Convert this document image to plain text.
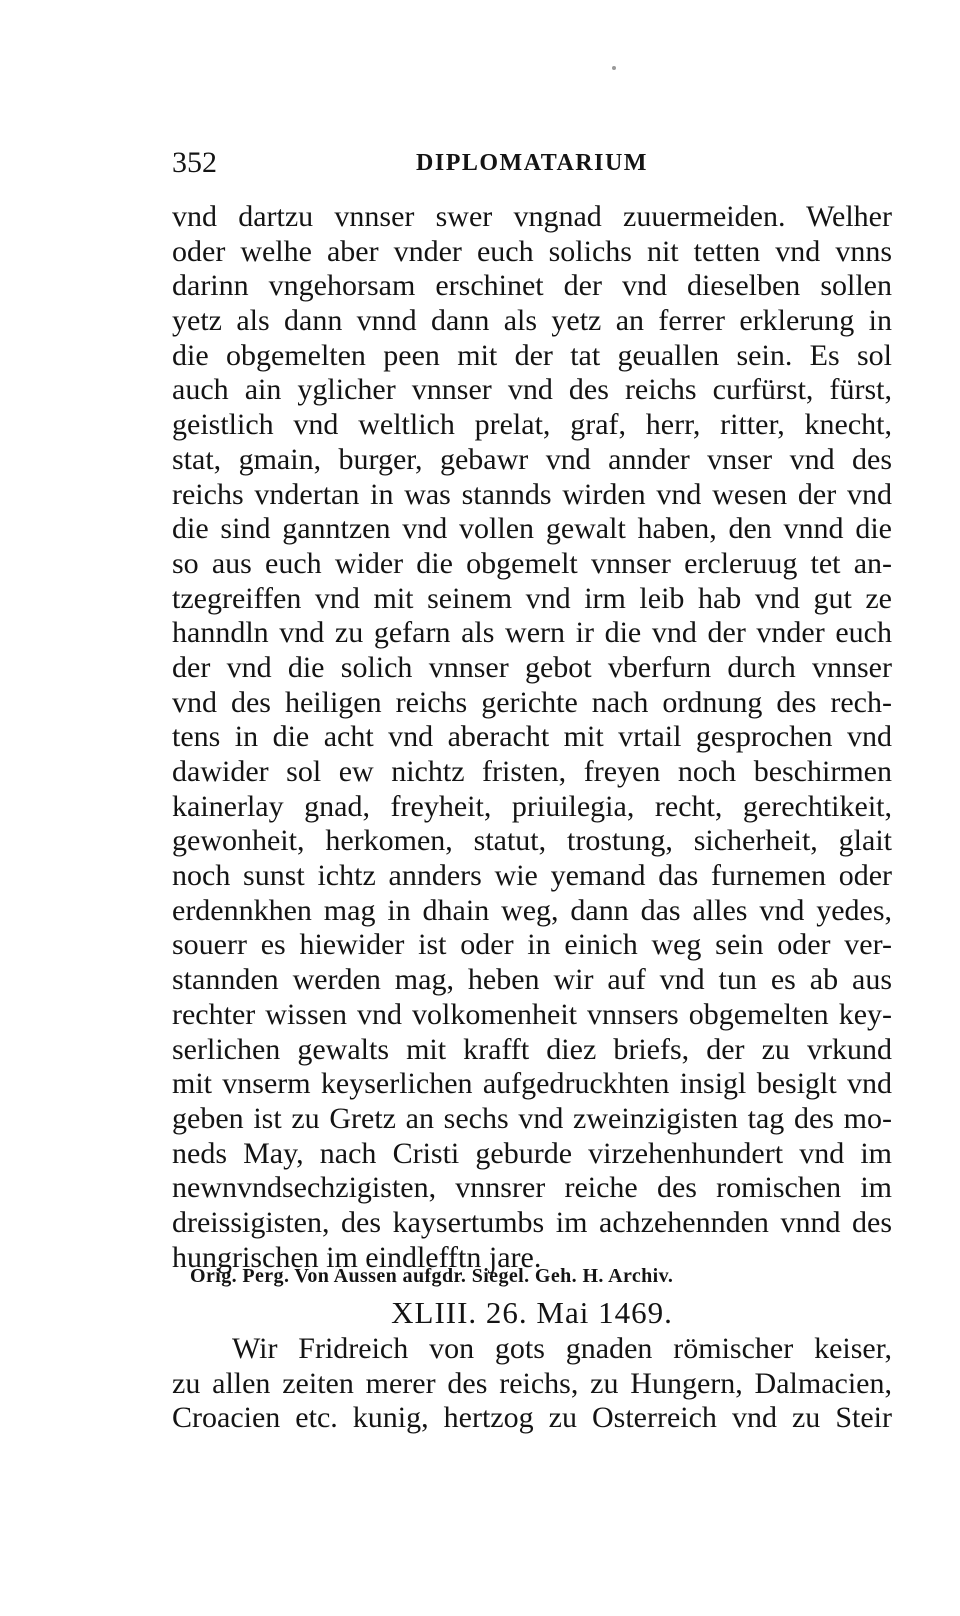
352	DIPLOMATARIUM
vnd dartzu vnnser swer vngnad zuuermeiden. Welher
oder welhe aber vnder euch solichs nit tetten vnd vnns
darinn vngehorsam erschinet der vnd dieselben sollen
yetz als dann vnnd dann als yetz an ferrer erklerung in
die obgemelten peen mit der tat geuallen sein. Es sol
auch ain yglicher vnnser vnd des reichs curfürst, fürst,
geistlich vnd weltlich prelat, graf, herr, ritter, knecht,
stat, gmain, burger, gebawr vnd annder vnser vnd des
reichs vndertan in was stannds wirden vnd wesen der vnd
die sind ganntzen vnd vollen gewalt haben, den vnnd die
so aus euch wider die obgemelt vnnser ercleruug tet an-
tzegreiffen vnd mit seinem vnd irm leib hab vnd gut ze
hanndln vnd zu gefarn als wern ir die vnd der vnder euch
der vnd die solich vnnser gebot vberfurn durch vnnser
vnd des heiligen reichs gerichte nach ordnung des rech-
tens in die acht vnd aberacht mit vrtail gesprochen vnd
dawider sol ew nichtz fristen, freyen noch beschirmen
kainerlay gnad, freyheit, priuilegia, recht, gerechtikeit,
gewonheit, herkomen, statut, trostung, sicherheit, glait
noch sunst ichtz annders wie yemand das furnemen oder
erdennkhen mag in dhain weg, dann das alles vnd yedes,
souerr es hiewider ist oder in einich weg sein oder ver-
stannden werden mag, heben wir auf vnd tun es ab aus
rechter wissen vnd volkomenheit vnnsers obgemelten key-
serlichen gewalts mit krafft diez briefs, der zu vrkund
mit vnserm keyserlichen aufgedruckhten insigl besiglt vnd
geben ist zu Gretz an sechs vnd zweinzigisten tag des mo-
neds May, nach Cristi geburde virzehenhundert vnd im
newnvndsechzigisten, vnnsrer reiche des romischen im
dreissigisten, des kaysertumbs im achzehennden vnnd des
hungrischen im eindlefftn jare.
Orig. Perg. Von Aussen aufgdr. Siegel. Geh. H. Archiv.
XLIII. 26. Mai 1469.
Wir Fridreich von gots gnaden römischer keiser,
zu allen zeiten merer des reichs, zu Hungern, Dalmacien,
Croacien etc. kunig, hertzog zu Osterreich vnd zu Steir
